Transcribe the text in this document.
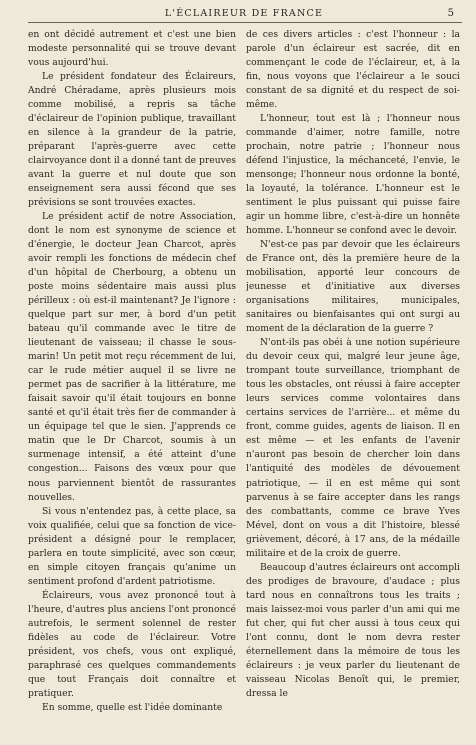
L'ÉCLAIREUR DE FRANCE	5

en ont décidé autrement et c'est une bien modeste personnalité qui se trouve devant vous aujourd'hui.

Le président fondateur des Éclaireurs, André Chéradame, après plusieurs mois comme mobilisé, a repris sa tâche d'éclaireur de l'opinion publique, travaillant en silence à la grandeur de la patrie, préparant l'après-guerre avec cette clairvoyance dont il a donné tant de preuves avant la guerre et nul doute que son enseignement sera aussi fécond que ses prévisions se sont trouvées exactes.

Le président actif de notre Association, dont le nom est synonyme de science et d'énergie, le docteur Jean Charcot, après avoir rempli les fonctions de médecin chef d'un hôpital de Cherbourg, a obtenu un poste moins sédentaire mais aussi plus périlleux : où est-il maintenant? Je l'ignore : quelque part sur mer, à bord d'un petit bateau qu'il commande avec le titre de lieutenant de vaisseau; il chasse le sous-marin! Un petit mot reçu récemment de lui, car le rude métier auquel il se livre ne permet pas de sacrifier à la littérature, me faisait savoir qu'il était toujours en bonne santé et qu'il était très fier de commander à un équipage tel que le sien. J'apprends ce matin que le Dr Charcot, soumis à un surmenage intensif, a été atteint d'une congestion... Faisons des vœux pour que nous parviennent bientôt de rassurantes nouvelles.

Si vous n'entendez pas, à cette place, sa voix qualifiée, celui que sa fonction de vice-président a désigné pour le remplacer, parlera en toute simplicité, avec son cœur, en simple citoyen français qu'anime un sentiment profond d'ardent patriotisme.

Éclaireurs, vous avez prononcé tout à l'heure, d'autres plus anciens l'ont prononcé autrefois, le serment solennel de rester fidèles au code de l'éclaireur. Votre président, vos chefs, vous ont expliqué, paraphrasé ces quelques commandements que tout Français doit connaître et pratiquer.

En somme, quelle est l'idée dominante

de ces divers articles : c'est l'honneur : la parole d'un éclaireur est sacrée, dit en commençant le code de l'éclaireur, et, à la fin, nous voyons que l'éclaireur a le souci constant de sa dignité et du respect de soi-même.

L'honneur, tout est là ; l'honneur nous commande d'aimer, notre famille, notre prochain, notre patrie ; l'honneur nous défend l'injustice, la méchanceté, l'envie, le mensonge; l'honneur nous ordonne la bonté, la loyauté, la tolérance. L'honneur est le sentiment le plus puissant qui puisse faire agir un homme libre, c'est-à-dire un honnête homme. L'honneur se confond avec le devoir.

N'est-ce pas par devoir que les éclaireurs de France ont, dès la première heure de la mobilisation, apporté leur concours de jeunesse et d'initiative aux diverses organisations militaires, municipales, sanitaires ou bienfaisantes qui ont surgi au moment de la déclaration de la guerre ?

N'ont-ils pas obéi à une notion supérieure du devoir ceux qui, malgré leur jeune âge, trompant toute surveillance, triomphant de tous les obstacles, ont réussi à faire accepter leurs services comme volontaires dans certains services de l'arrière... et même du front, comme guides, agents de liaison. Il en est même — et les enfants de l'avenir n'auront pas besoin de chercher loin dans l'antiquité des modèles de dévouement patriotique, — il en est même qui sont parvenus à se faire accepter dans les rangs des combattants, comme ce brave Yves Mével, dont on vous a dit l'histoire, blessé grièvement, décoré, à 17 ans, de la médaille militaire et de la croix de guerre.

Beaucoup d'autres éclaireurs ont accompli des prodiges de bravoure, d'audace ; plus tard nous en connaîtrons tous les traits ; mais laissez-moi vous parler d'un ami qui me fut cher, qui fut cher aussi à tous ceux qui l'ont connu, dont le nom devra rester éternellement dans la mémoire de tous les éclaireurs : je veux parler du lieutenant de vaisseau Nicolas Benoît qui, le premier, dressa le
